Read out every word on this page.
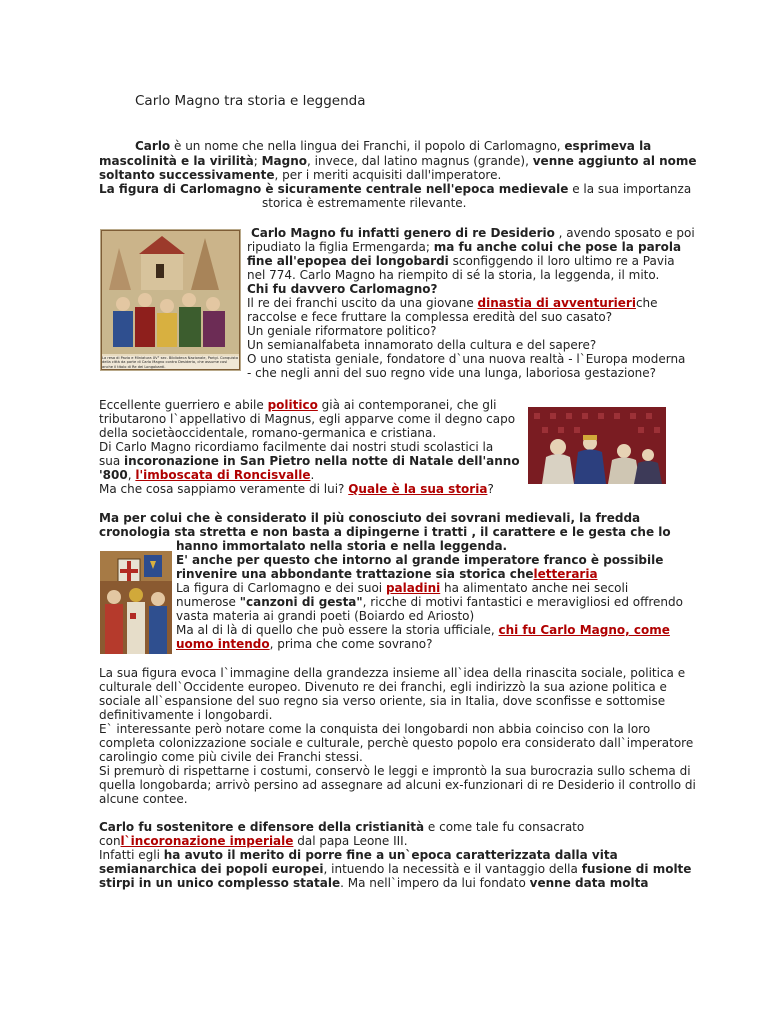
Carlo Magno tra storia e leggenda
Carlo è un nome che nella lingua dei Franchi, il popolo di Carlomagno, esprimeva la
mascolinità e la virilità; Magno, invece, dal latino magnus (grande), venne aggiunto al nome
soltanto successivamente, per i meriti acquisiti dall'imperatore.
La figura di Carlomagno è sicuramente centrale nell'epoca medievale e la sua importanza
storica è estremamente rilevante.
La resa di Pavia e Miniatura XV° sec. Biblioteca Nazionale, Parigi. Conquista della città da parte di Carlo Magno contro Desiderio, che assume così anche il titolo di Re dei Longobardi.
Carlo Magno fu infatti genero di re Desiderio , avendo sposato e poi
ripudiato la figlia Ermengarda; ma fu anche colui che pose la parola
fine all'epopea dei longobardi sconfiggendo il loro ultimo re a Pavia
nel 774. Carlo Magno ha riempito di sé la storia, la leggenda, il mito.
Chi fu davvero Carlomagno?
Il re dei franchi uscito da una giovane dinastia di avventurieriche
raccolse e fece fruttare la complessa eredità del suo casato?
Un geniale riformatore politico?
Un semianalfabeta innamorato della cultura e del sapere?
O uno statista geniale, fondatore d`una nuova realtà - l`Europa moderna
- che negli anni del suo regno vide una lunga, laboriosa gestazione?
Eccellente guerriero e abile politico già ai contemporanei, che gli
tributarono l`appellativo di Magnus, egli apparve come il degno capo
della societàoccidentale, romano-germanica e cristiana.
Di Carlo Magno ricordiamo facilmente dai nostri studi scolastici la
sua incoronazione in San Pietro nella notte di Natale dell'anno
'800, l'imboscata di Roncisvalle.
Ma che cosa sappiamo veramente di lui? Quale è la sua storia?
Ma per colui che è considerato il più conosciuto dei sovrani medievali, la fredda
cronologia sta stretta e non basta a dipingerne i tratti , il carattere e le gesta che lo
hanno immortalato nella storia e nella leggenda.
E' anche per questo che intorno al grande imperatore franco è possibile
rinvenire una abbondante trattazione sia storica cheletteraria
La figura di Carlomagno e dei suoi paladini ha alimentato anche nei secoli
numerose "canzoni di gesta", ricche di motivi fantastici e meravigliosi ed offrendo
vasta materia ai grandi poeti (Boiardo ed Ariosto)
Ma al di là di quello che può essere la storia ufficiale, chi fu Carlo Magno, come
uomo intendo, prima che come sovrano?
La sua figura evoca l`immagine della grandezza insieme all`idea della rinascita sociale, politica e
culturale dell`Occidente europeo. Divenuto re dei franchi, egli indirizzò la sua azione politica e
sociale all`espansione del suo regno sia verso oriente, sia in Italia, dove sconfisse e sottomise
definitivamente i longobardi.
E` interessante però notare come la conquista dei longobardi non abbia coinciso con la loro
completa colonizzazione sociale e culturale, perchè questo popolo era considerato dall`imperatore
carolingio come più civile dei Franchi stessi.
Si premurò di rispettarne i costumi, conservò le leggi e improntò la sua burocrazia sullo schema di
quella longobarda; arrivò persino ad assegnare ad alcuni ex-funzionari di re Desiderio il controllo di
alcune contee.
Carlo fu sostenitore e difensore della cristianità e come tale fu consacrato
conl`incoronazione imperiale dal papa Leone III.
Infatti egli ha avuto il merito di porre fine a un`epoca caratterizzata dalla vita
semianarchica dei popoli europei, intuendo la necessità e il vantaggio della fusione di molte
stirpi in un unico complesso statale. Ma nell`impero da lui fondato venne data molta
